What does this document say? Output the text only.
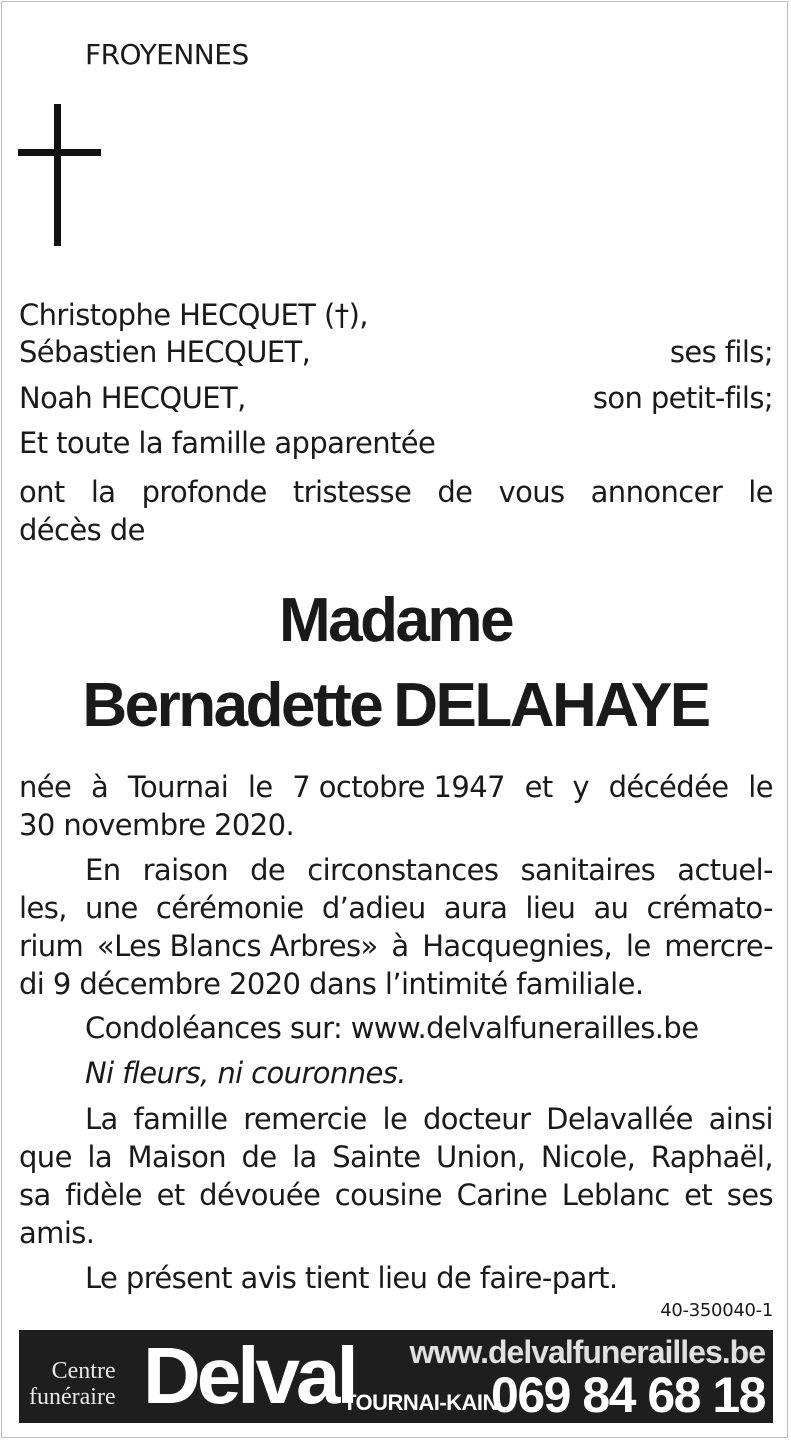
FROYENNES
Christophe HECQUET (†),
Sébastien HECQUET,	ses fils;
Noah HECQUET,	son petit-fils;
Et toute la famille apparentée
ont la profonde tristesse de vous annoncer le
décès de
Madame
Bernadette DELAHAYE
née à Tournai le 7 octobre 1947 et y décédée le
30 novembre 2020.
En raison de circonstances sanitaires actuel-
les, une cérémonie d’adieu aura lieu au crémato-
rium «Les Blancs Arbres» à Hacquegnies, le mercre-
di 9 décembre 2020 dans l’intimité familiale.
Condoléances sur: www.delvalfunerailles.be
Ni fleurs, ni couronnes.
La famille remercie le docteur Delavallée ainsi
que la Maison de la Sainte Union, Nicole, Raphaël,
sa fidèle et dévouée cousine Carine Leblanc et ses
amis.
Le présent avis tient lieu de faire-part.
40-350040-1
Centre
funéraire Delval
TOURNAI-KAIN
www.delvalfunerailles.be
069 84 68 18
